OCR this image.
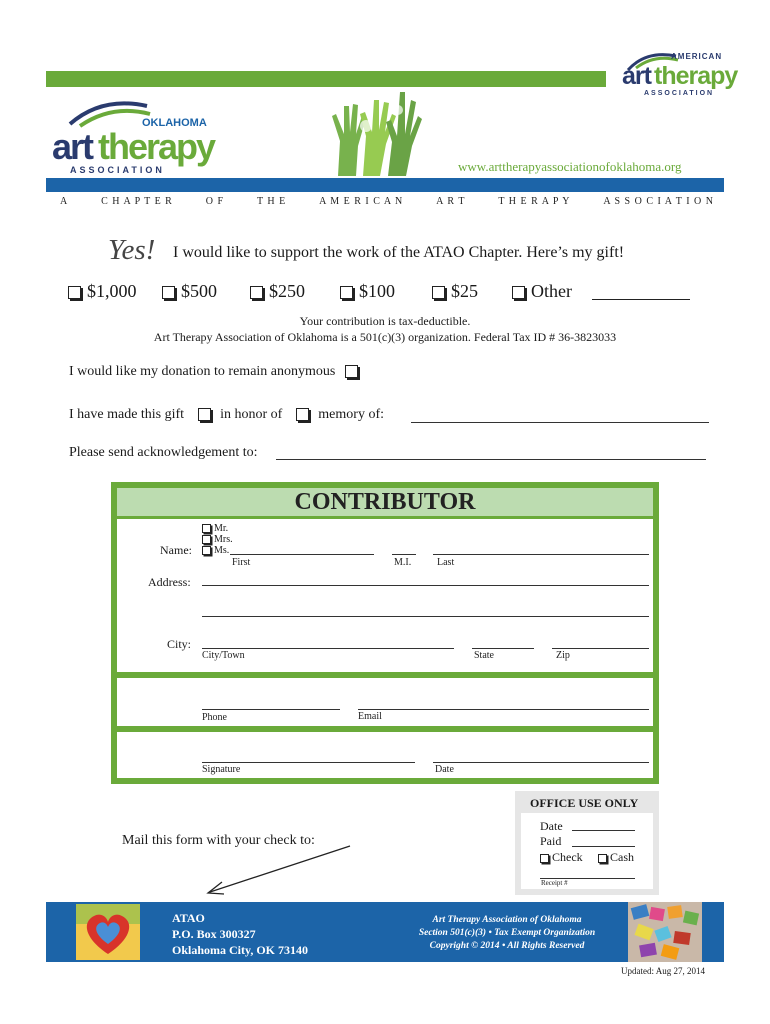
AMERICAN
art therapy
ASSOCIATION
OKLAHOMA
art therapy
ASSOCIATION	www.arttherapyassociationofoklahoma.org
A	C H A P T E R	O F	T H E	A M E R I C A N	A R T	T H E R A P Y	A S S O C I A T I O N
Yes! I would like to support the work of the ATAO Chapter. Here’s my gift!
$1,000	$500	$250	$100	$25	Other
Your contribution is tax-deductible.
Art Therapy Association of Oklahoma is a 501(c)(3) organization. Federal Tax ID # 36-3823033
I would like my donation to remain anonymous
I have made this gift	in honor of	memory of:
Please send acknowledgement to:
CONTRIBUTOR
Mr.
Mrs.
Ms.
Name:
First	M.I.	Last
Address:
City:
City/Town	State	Zip
Phone	Email
Signature	Date
OFFICE USE ONLY
Date
Paid
Check	Cash
Receipt #
Mail this form with your check to:
ATAO
P.O. Box 300327
Oklahoma City, OK 73140
Art Therapy Association of Oklahoma
Section 501(c)(3) • Tax Exempt Organization
Copyright © 2014 • All Rights Reserved
Updated: Aug 27, 2014
